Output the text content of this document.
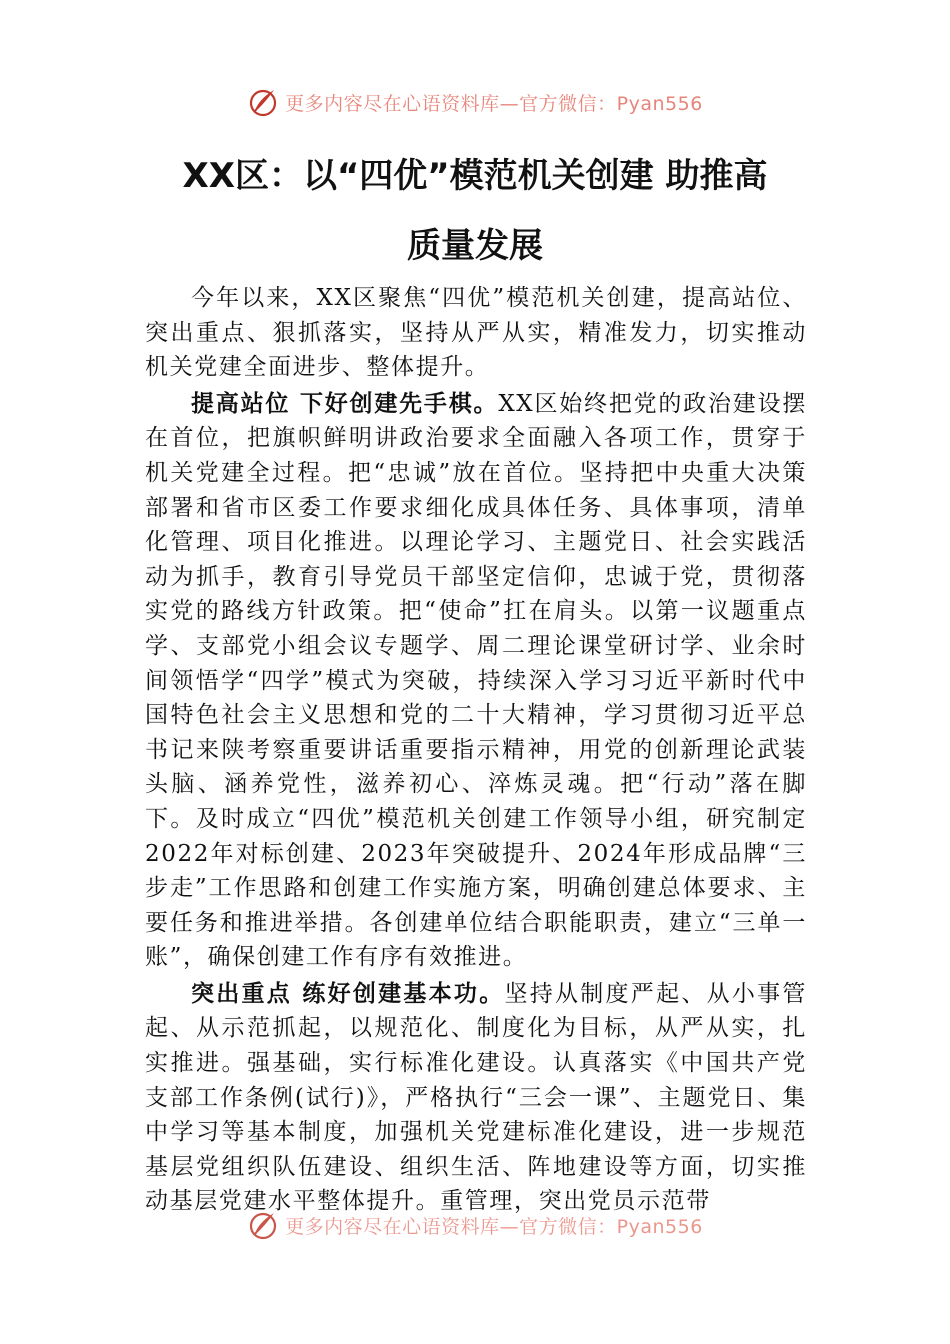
更多内容尽在心语资料库—官方微信：Pyan556
XX区：以“四优”模范机关创建 助推高
质量发展

今年以来，XX区聚焦“四优”模范机关创建，提高站位、突出重点、狠抓落实，坚持从严从实，精准发力，切实推动机关党建全面进步、整体提升。

提高站位 下好创建先手棋。XX区始终把党的政治建设摆在首位，把旗帜鲜明讲政治要求全面融入各项工作，贯穿于机关党建全过程。把“忠诚”放在首位。坚持把中央重大决策部署和省市区委工作要求细化成具体任务、具体事项，清单化管理、项目化推进。以理论学习、主题党日、社会实践活动为抓手，教育引导党员干部坚定信仰，忠诚于党，贯彻落实党的路线方针政策。把“使命”扛在肩头。以第一议题重点学、支部党小组会议专题学、周二理论课堂研讨学、业余时间领悟学“四学”模式为突破，持续深入学习习近平新时代中国特色社会主义思想和党的二十大精神，学习贯彻习近平总书记来陕考察重要讲话重要指示精神，用党的创新理论武装头脑、涵养党性，滋养初心、淬炼灵魂。把“行动”落在脚下。及时成立“四优”模范机关创建工作领导小组，研究制定2022年对标创建、2023年突破提升、2024年形成品牌“三步走”工作思路和创建工作实施方案，明确创建总体要求、主要任务和推进举措。各创建单位结合职能职责，建立“三单一账”，确保创建工作有序有效推进。

突出重点 练好创建基本功。坚持从制度严起、从小事管起、从示范抓起，以规范化、制度化为目标，从严从实，扎实推进。强基础，实行标准化建设。认真落实《中国共产党支部工作条例(试行)》，严格执行“三会一课”、主题党日、集中学习等基本制度，加强机关党建标准化建设，进一步规范基层党组织队伍建设、组织生活、阵地建设等方面，切实推动基层党建水平整体提升。重管理，突出党员示范带

更多内容尽在心语资料库—官方微信：Pyan556
